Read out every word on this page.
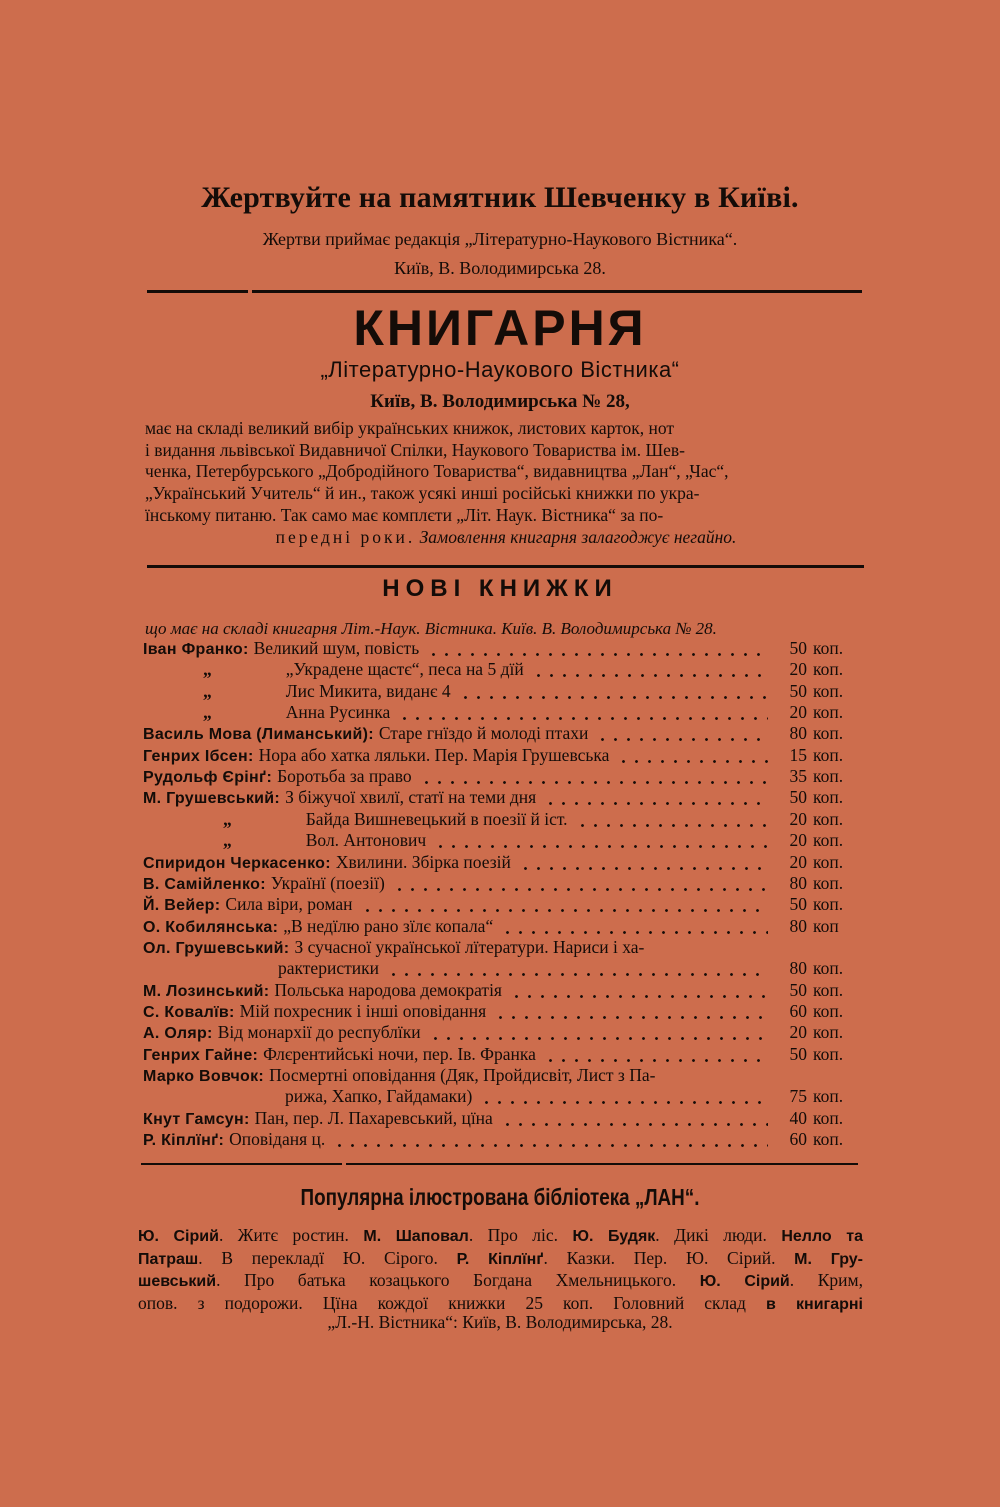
Жертвуйте на памятник Шевченку в Київі.
Жертви приймає редакція „Літературно-Наукового Вістника“.
Київ, В. Володимирська 28.
КНИГАРНЯ
„Літературно-Наукового Вістника“
Київ, В. Володимирська № 28,
має на складі великий вибір українських книжок, листових карток, нот
і видання львівської Видавничої Спілки, Наукового Товариства ім. Шев-
ченка, Петербурського „Добродійного Товариства“, видавництва „Лан“, „Час“,
„Український Учитель“ й ин., також усякі инші російські книжки по укра-
їнському питаню. Так само має комплєти „Літ. Наук. Вістника“ за по-
передні роки. Замовлення книгарня залагоджує негайно.
НОВІ КНИЖКИ
що має на складі книгарня Літ.-Наук. Вістника. Київ. В. Володимирська № 28.
Іван Франко: Великий шум, повість	50 коп.
„	„Украдене щастє“, песа на 5 дїй	20 коп.
„	Лис Микита, виданє 4	50 коп.
„	Анна Русинка	20 коп.
Василь Мова (Лиманський): Старе гнїздо й молоді птахи	80 коп.
Генрих Ібсен: Нора або хатка ляльки. Пер. Марія Грушевська	15 коп.
Рудольф Єрінґ: Боротьба за право	35 коп.
М. Грушевський: З біжучої хвилї, статї на теми дня	50 коп.
„	Байда Вишневецький в поезії й іст.	20 коп.
„	Вол. Антонович	20 коп.
Спиридон Черкасенко: Хвилини. Збірка поезій	20 коп.
В. Самійленко: Українї (поезії)	80 коп.
Й. Вейер: Сила віри, роман	50 коп.
О. Кобилянська: „В недїлю рано зїлє копала“	80 коп
Ол. Грушевський: З сучасної української лїтератури. Нариси і ха-
рактеристики	80 коп.
М. Лозинський: Польська народова демократія	50 коп.
С. Ковалїв: Мій похресник і інші оповідання	60 коп.
А. Оляр: Від монархії до республїки	20 коп.
Генрих Гайне: Флєрентийські ночи, пер. Ів. Франка	50 коп.
Марко Вовчок: Посмертні оповідання (Дяк, Пройдисвіт, Лист з Па-
рижа, Хапко, Гайдамаки)	75 коп.
Кнут Гамсун: Пан, пер. Л. Пахаревський, цїна	40 коп.
Р. Кіплїнґ: Оповіданя ц.	60 коп.
Популярна ілюстрована бібліотека „ЛАН“.
Ю. Сірий. Житє ростин. М. Шаповал. Про ліс. Ю. Будяк. Дикі люди. Нелло та
Патраш. В перекладї Ю. Сірого. Р. Кіплїнґ. Казки. Пер. Ю. Сірий. М. Гру-
шевський. Про батька козацького Богдана Хмельницького. Ю. Сірий. Крим,
опов. з подорожи. Цїна кождої книжки 25 коп. Головний склад в книгарні
„Л.-Н. Вістника“: Київ, В. Володимирська, 28.
